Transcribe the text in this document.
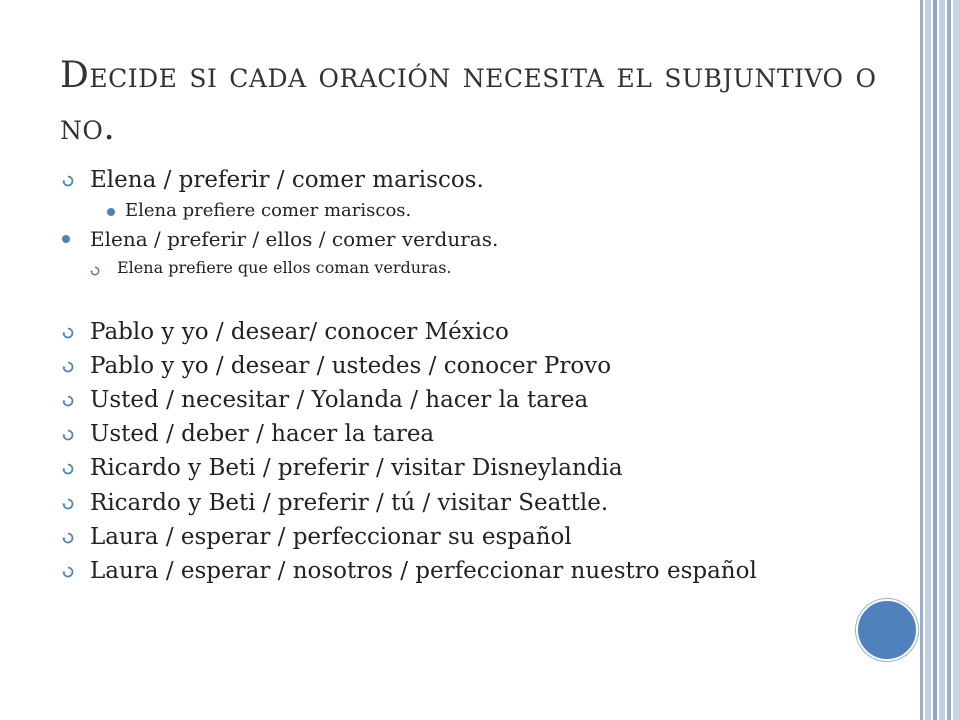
Decide si cada oración necesita el subjuntivo o no.
Elena / preferir / comer mariscos.
Elena prefiere comer mariscos.
Elena / preferir / ellos / comer verduras.
Elena prefiere que ellos coman verduras.
Pablo y yo / desear/ conocer México
Pablo y yo / desear / ustedes / conocer Provo
Usted / necesitar / Yolanda / hacer la tarea
Usted / deber / hacer la tarea
Ricardo y Beti / preferir / visitar Disneylandia
Ricardo y Beti / preferir / tú / visitar Seattle.
Laura / esperar / perfeccionar su español
Laura / esperar / nosotros / perfeccionar nuestro español
